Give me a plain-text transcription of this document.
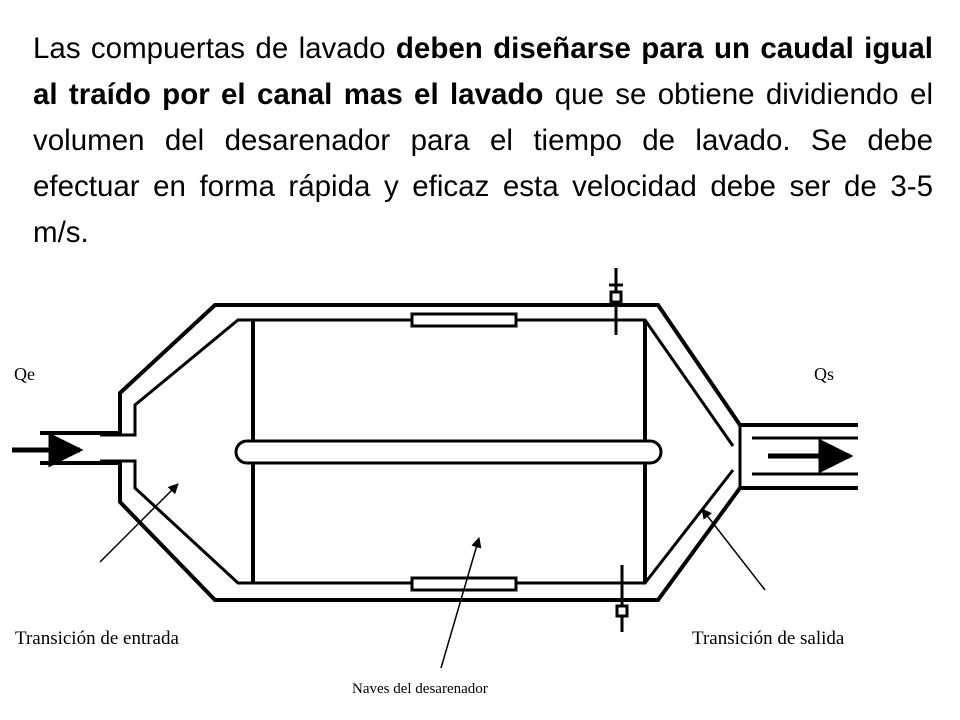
Las compuertas de lavado deben diseñarse para un caudal igual al traído por el canal mas el lavado que se obtiene dividiendo el volumen del desarenador para el tiempo de lavado. Se debe efectuar en forma rápida y eficaz esta velocidad debe ser de 3-5 m/s.

Qe	Qs
Transición de entrada	Transición de salida
Naves del desarenador
